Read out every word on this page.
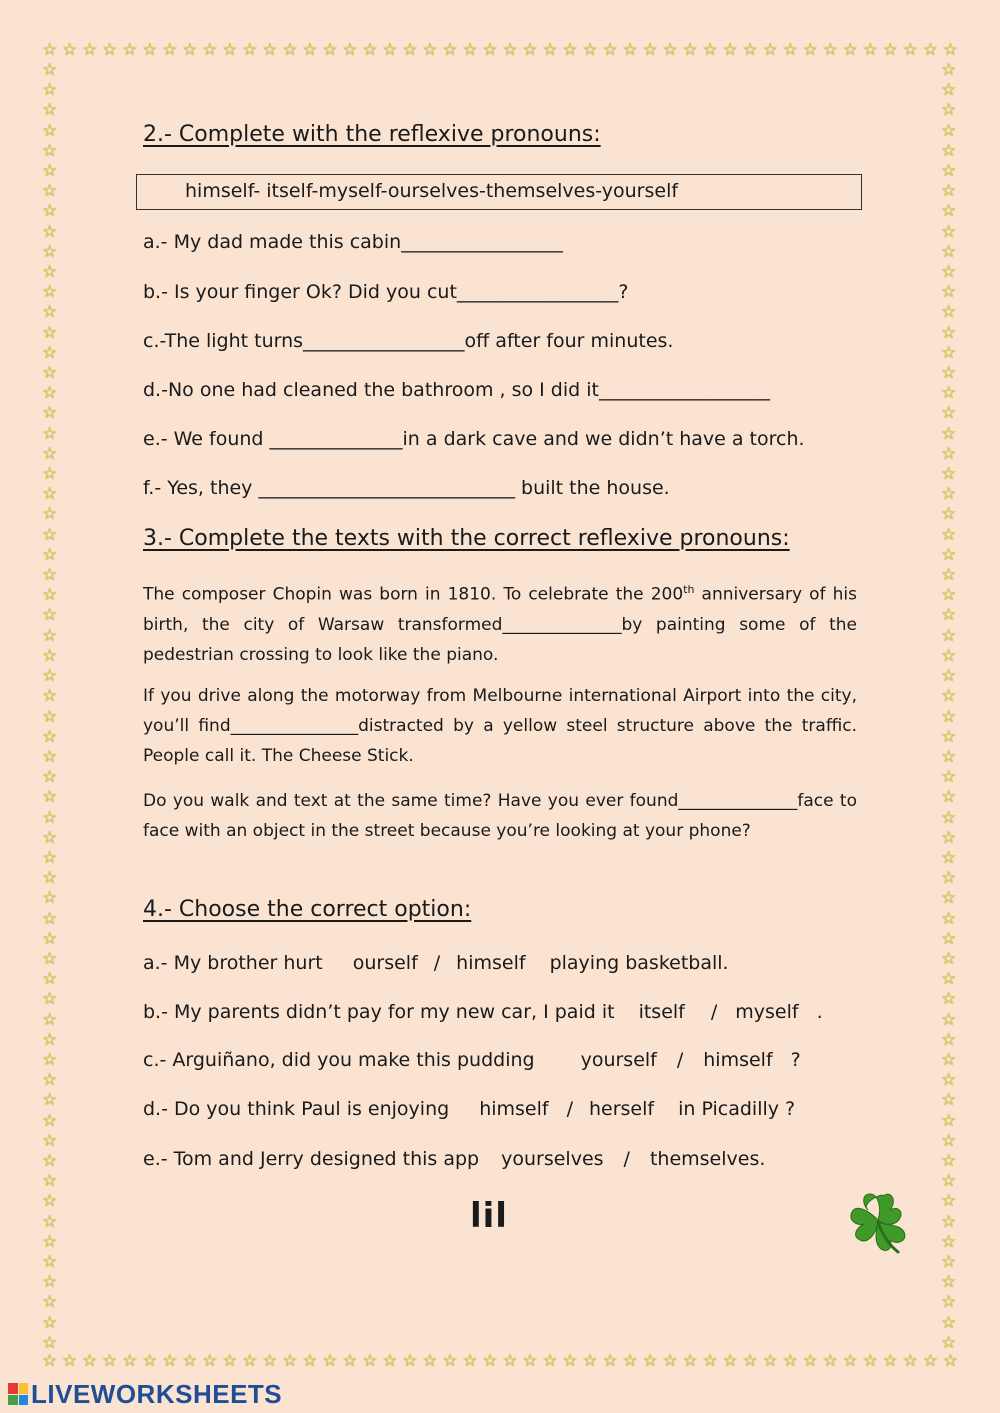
☆ ☆ ☆ ☆ ☆ ☆ ☆ ☆ ☆ ☆ ☆ ☆ ☆ ☆ ☆ ☆ ☆ ☆ ☆ ☆ ☆ ☆ ☆ ☆ ☆ ☆ ☆ ☆ ☆ ☆ ☆ ☆ ☆ ☆ ☆ ☆ ☆ ☆ ☆ ☆ ☆ ☆ ☆ ☆ ☆ ☆
☆ ☆ ☆ ☆ ☆ ☆ ☆ ☆ ☆ ☆ ☆ ☆ ☆ ☆ ☆ ☆ ☆ ☆ ☆ ☆ ☆ ☆ ☆ ☆ ☆ ☆ ☆ ☆ ☆ ☆ ☆ ☆ ☆ ☆ ☆ ☆ ☆ ☆ ☆ ☆ ☆ ☆ ☆ ☆ ☆ ☆
☆
☆
☆
☆
☆
☆
☆
☆
☆
☆
☆
☆
☆
☆
☆
☆
☆
☆
☆
☆
☆
☆
☆
☆
☆
☆
☆
☆
☆
☆
☆
☆
☆
☆
☆
☆
☆
☆
☆
☆
☆
☆
☆
☆
☆
☆
☆
☆
☆
☆
☆
☆
☆
☆
☆
☆
☆
☆
☆
☆
☆
☆
☆
☆
☆
☆
☆
☆
☆
☆
☆
☆
☆
☆
☆
☆
☆
☆
☆
☆
☆
☆
☆
☆
☆
☆
☆
☆
☆
☆
☆
☆
☆
☆
☆
☆
☆
☆
☆
☆
☆
☆
☆
☆
☆
☆
☆
☆
☆
☆
☆
☆
☆
☆
☆
☆
☆
☆
☆
☆
☆
☆
☆
☆
☆
☆
☆
☆
2.- Complete with the reflexive pronouns:
himself- itself-myself-ourselves-themselves-yourself
a.- My dad made this cabin_________________
b.- Is your finger Ok? Did you cut_________________?
c.-The light turns_________________off after four minutes.
d.-No one had cleaned the bathroom , so I did it__________________
e.- We found ______________in a dark cave and we didn’t have a torch.
f.- Yes, they ___________________________ built the house.
3.- Complete the texts with the correct reflexive pronouns:

The composer Chopin was born in 1810. To celebrate the 200th anniversary of his birth, the city of Warsaw transformed______________by painting some of the pedestrian crossing to look like the piano.

If you drive along the motorway from Melbourne international Airport into the city, you’ll find_______________distracted by a yellow steel structure above the traffic. People call it. The Cheese Stick.

Do you walk and text at the same time? Have you ever found______________face to face with an object in the street because you’re looking at your phone?

4.- Choose the correct option:
a.- My brother hurt ourself / himself playing basketball.
b.- My parents didn’t pay for my new car, I paid it itself / myself .
c.- Arguiñano, did you make this pudding yourself / himself ?
d.- Do you think Paul is enjoying himself / herself in Picadilly ?
e.- Tom and Jerry designed this app yourselves / themselves.
lil
LIVEWORKSHEETS
